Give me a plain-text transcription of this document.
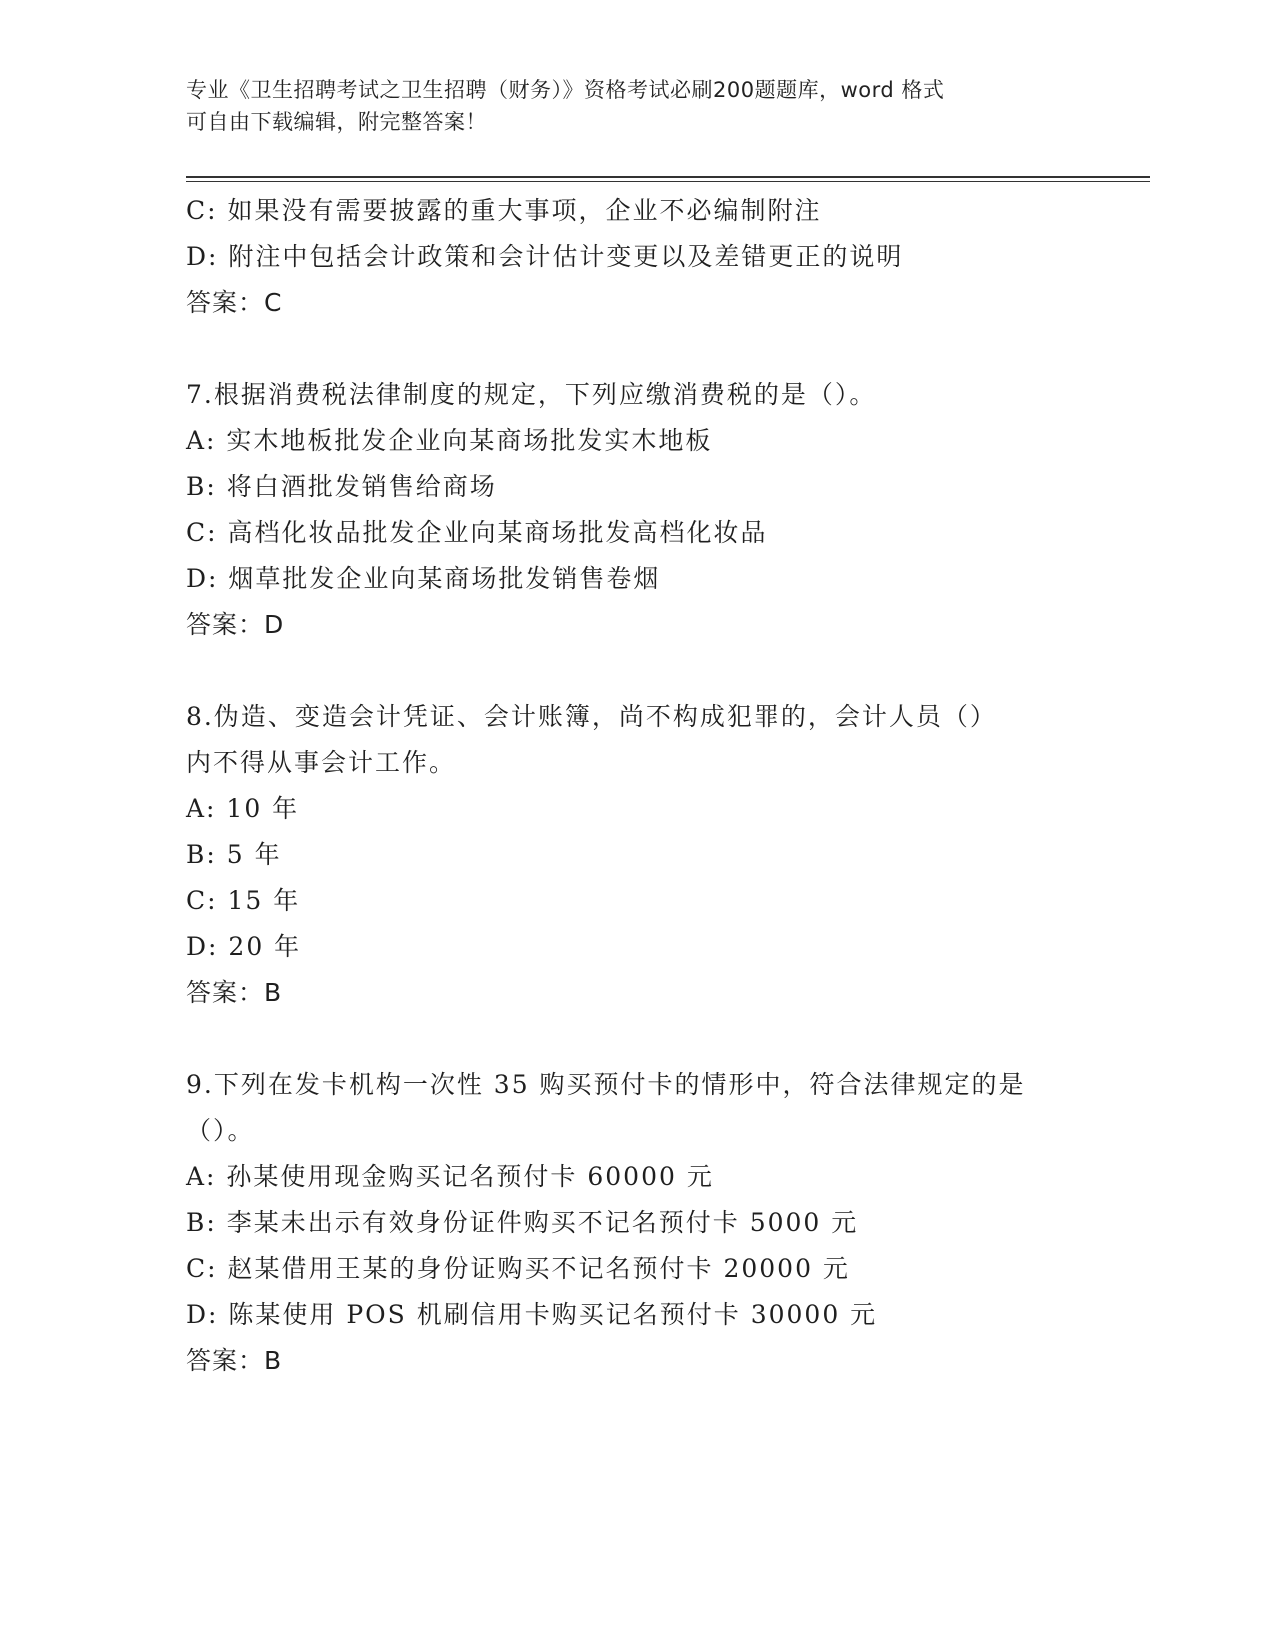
专业《卫生招聘考试之卫生招聘（财务）》资格考试必刷200题题库，word 格式
可自由下载编辑，附完整答案！
C: 如果没有需要披露的重大事项，企业不必编制附注
D: 附注中包括会计政策和会计估计变更以及差错更正的说明
答案：C
7.根据消费税法律制度的规定，下列应缴消费税的是（）。
A: 实木地板批发企业向某商场批发实木地板
B: 将白酒批发销售给商场
C: 高档化妆品批发企业向某商场批发高档化妆品
D: 烟草批发企业向某商场批发销售卷烟
答案：D
8.伪造、变造会计凭证、会计账簿，尚不构成犯罪的，会计人员（）
内不得从事会计工作。
A: 10 年
B: 5 年
C: 15 年
D: 20 年
答案：B
9.下列在发卡机构一次性 35 购买预付卡的情形中，符合法律规定的是
（）。
A: 孙某使用现金购买记名预付卡 60000 元
B: 李某未出示有效身份证件购买不记名预付卡 5000 元
C: 赵某借用王某的身份证购买不记名预付卡 20000 元
D: 陈某使用 POS 机刷信用卡购买记名预付卡 30000 元
答案：B
